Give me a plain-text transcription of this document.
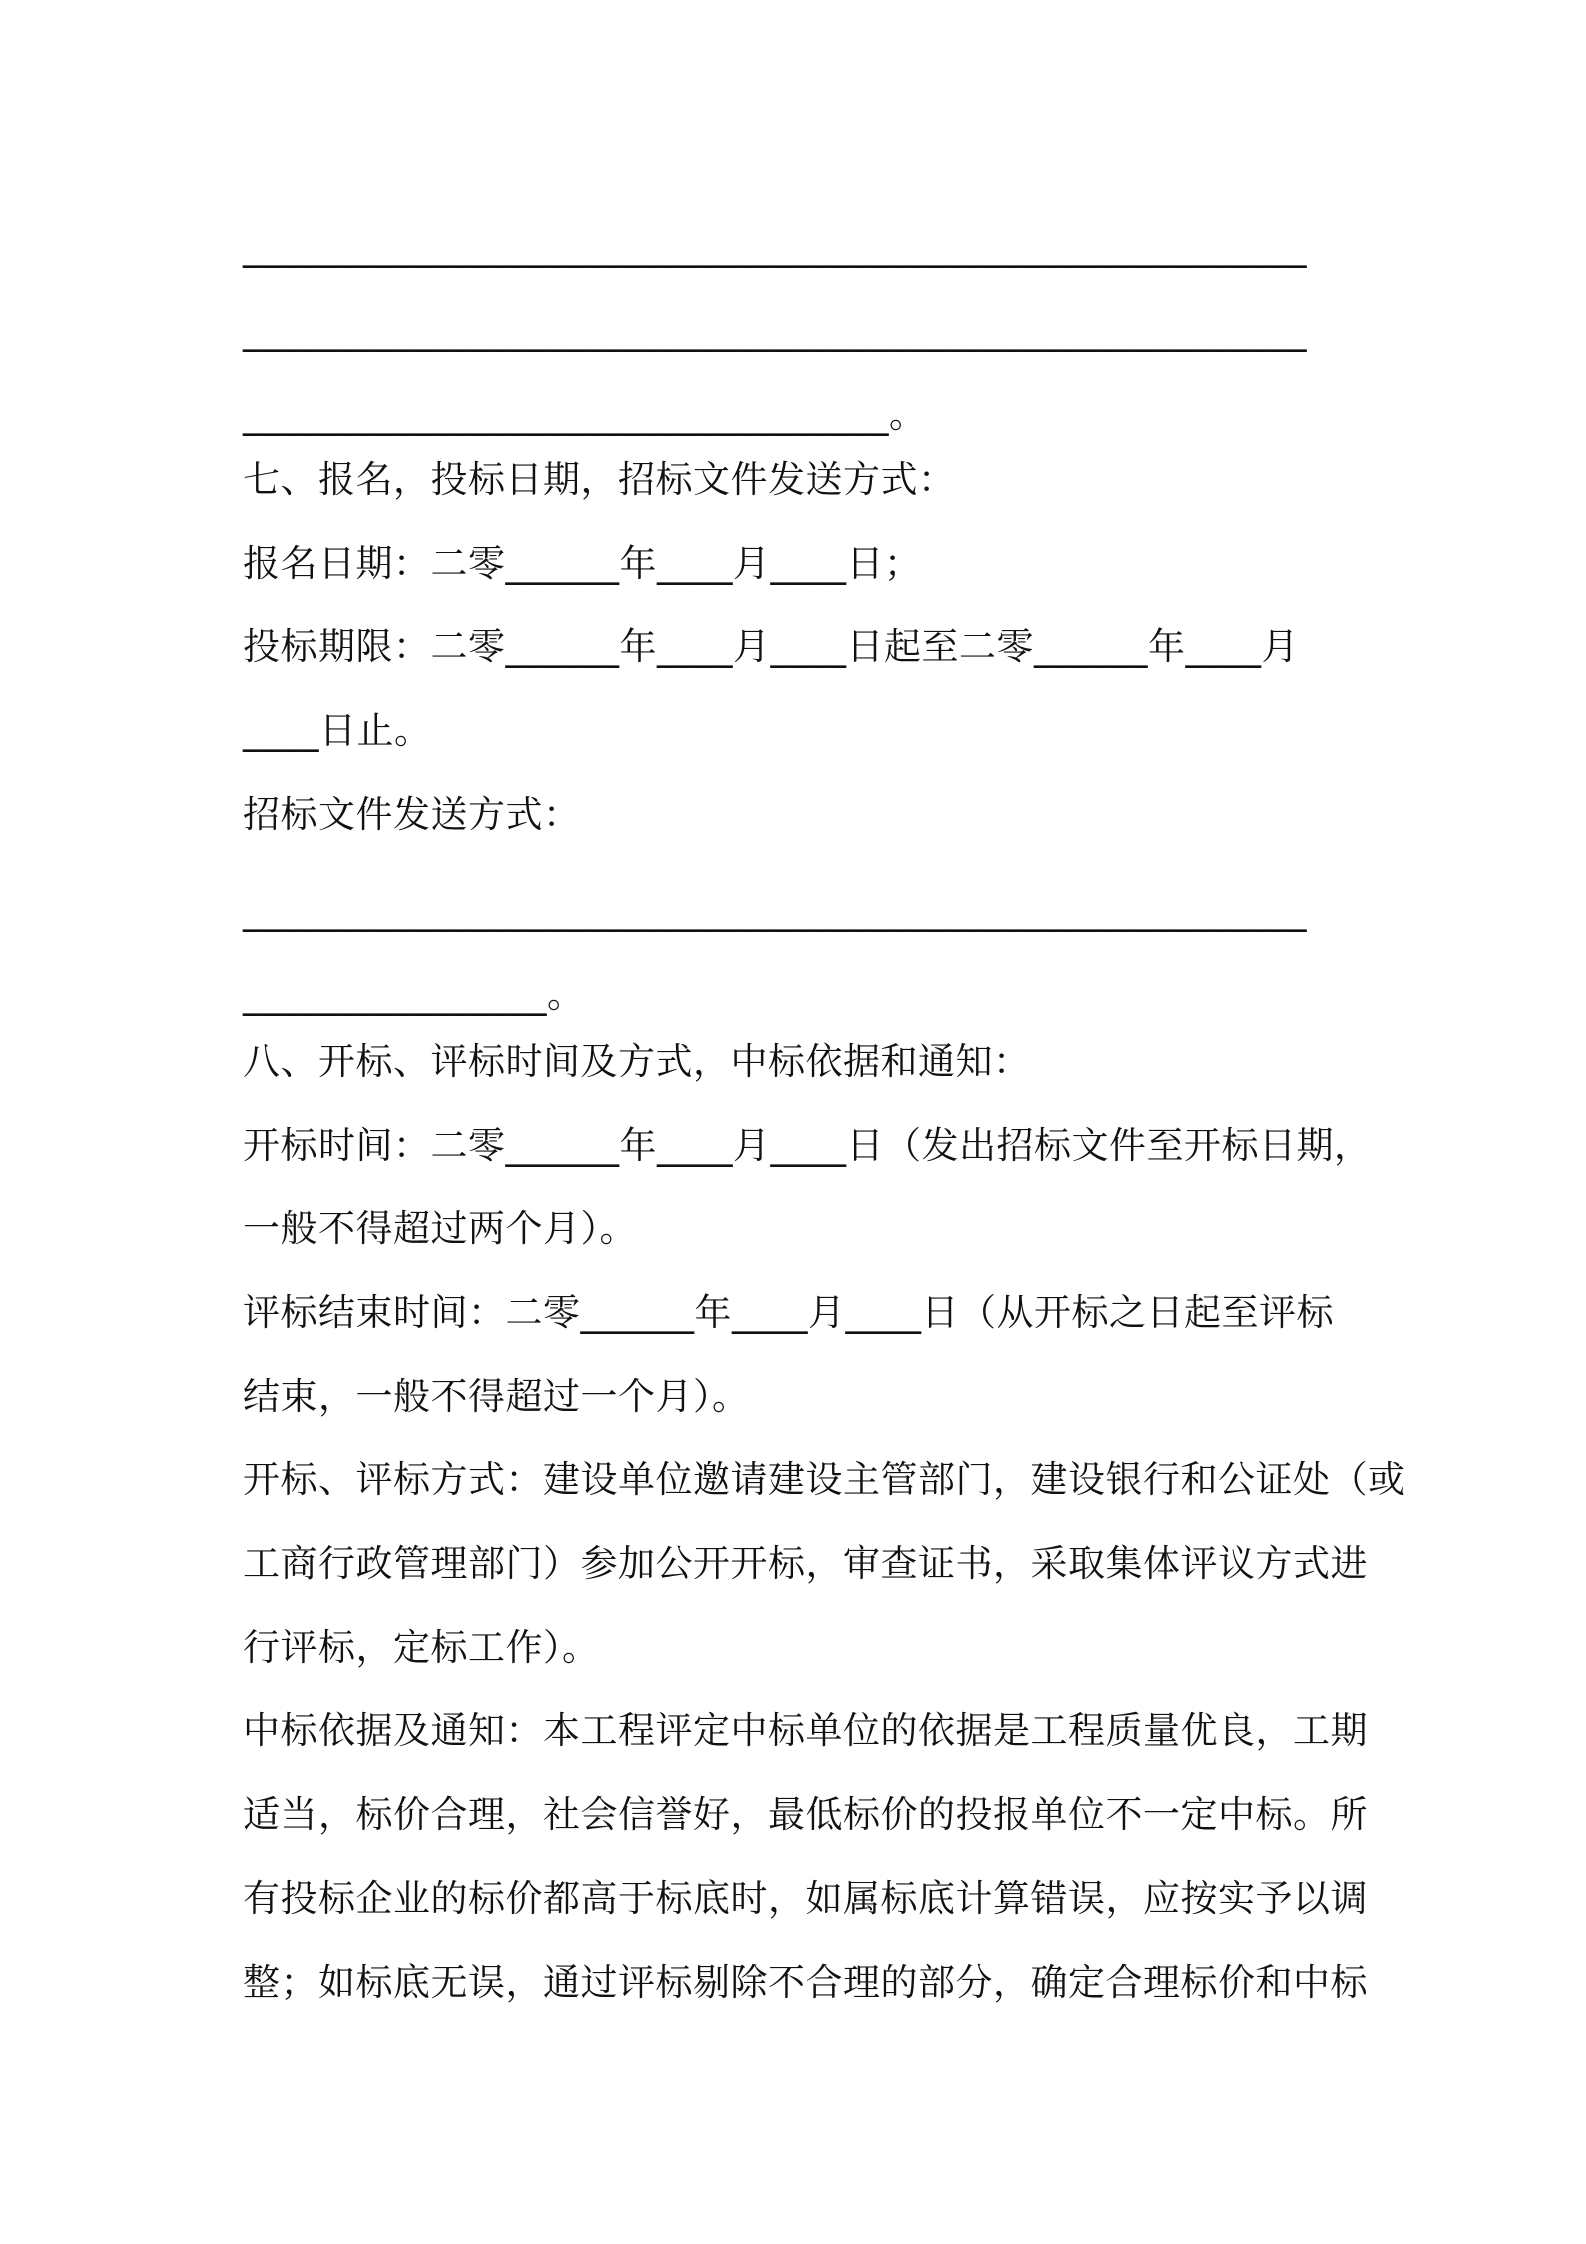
________________________________________________________
________________________________________________________
__________________________________。
七、报名，投标日期，招标文件发送方式：
报名日期：二零______年____月____日；
投标期限：二零______年____月____日起至二零______年____月
____日止。
招标文件发送方式：
________________________________________________________
________________。
八、开标、评标时间及方式，中标依据和通知：
开标时间：二零______年____月____日（发出招标文件至开标日期，
一般不得超过两个月）。
评标结束时间：二零______年____月____日（从开标之日起至评标
结束，一般不得超过一个月）。
开标、评标方式：建设单位邀请建设主管部门，建设银行和公证处（或
工商行政管理部门）参加公开开标，审查证书，采取集体评议方式进
行评标，定标工作）。
中标依据及通知：本工程评定中标单位的依据是工程质量优良，工期
适当，标价合理，社会信誉好，最低标价的投报单位不一定中标。所
有投标企业的标价都高于标底时，如属标底计算错误，应按实予以调
整；如标底无误，通过评标剔除不合理的部分，确定合理标价和中标
